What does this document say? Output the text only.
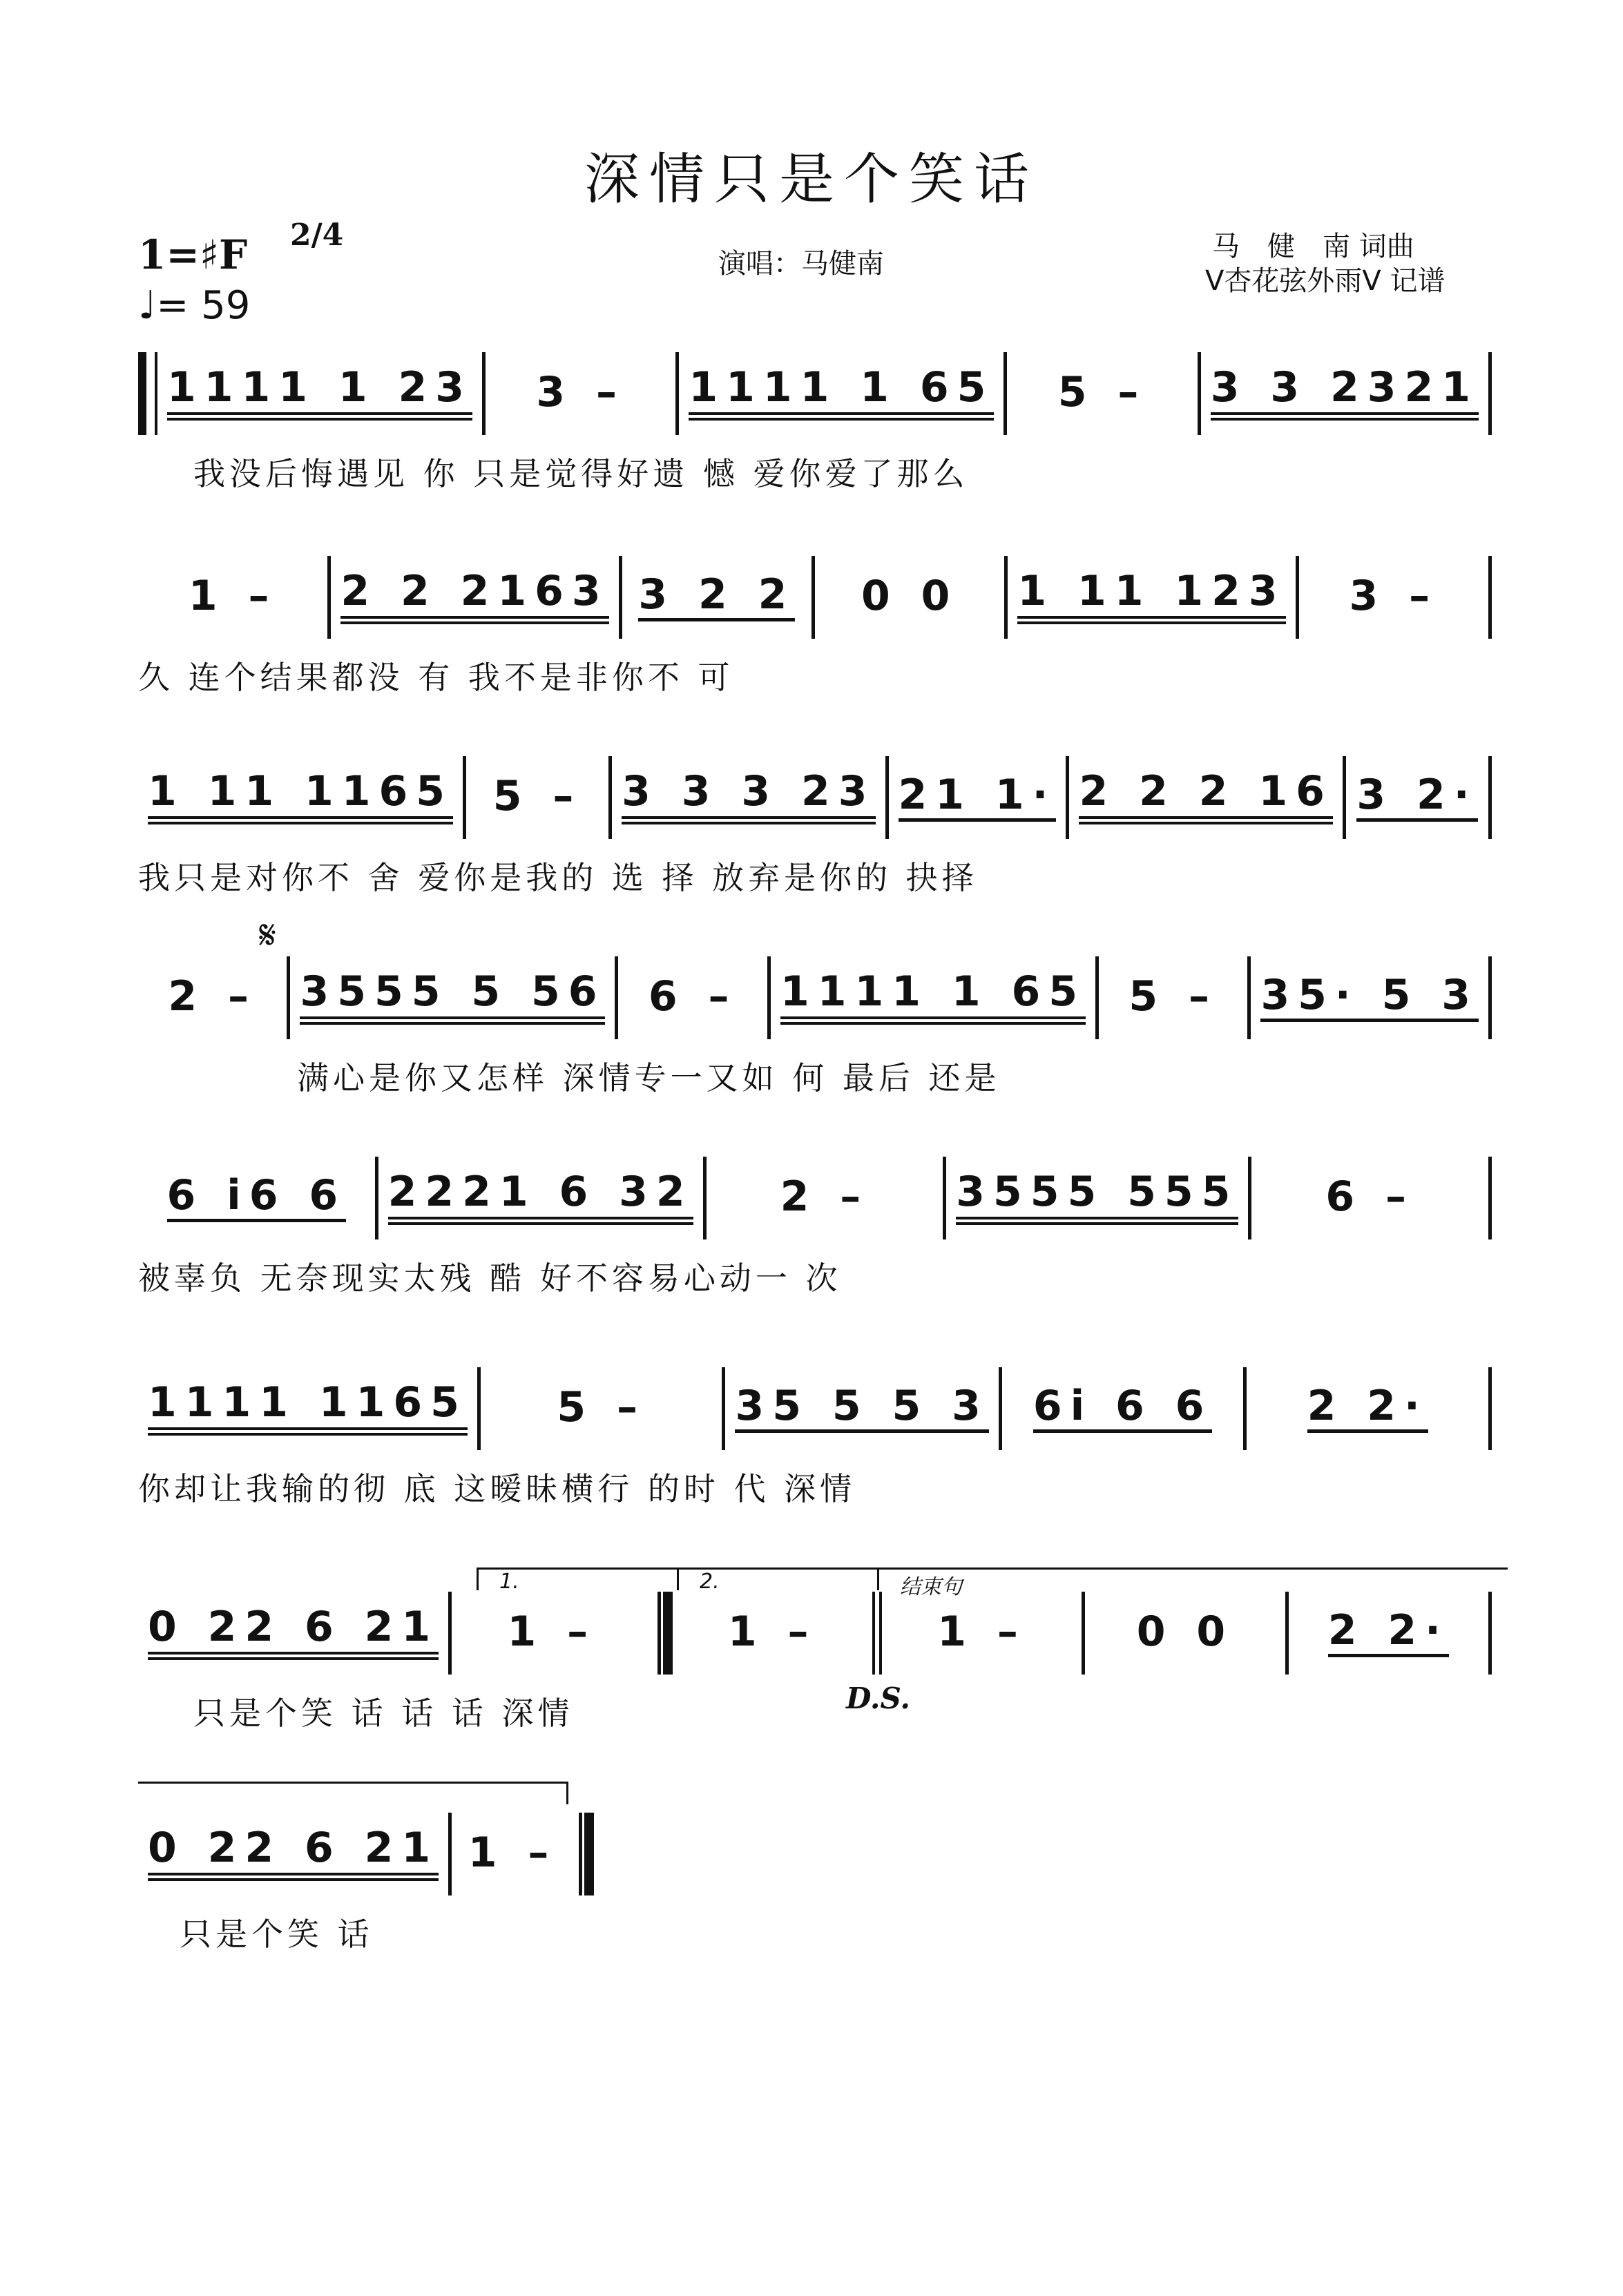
深情只是个笑话
1=♯F 2/4
♩= 59
演唱：马健南
马　健　南 词曲
V杏花弦外雨V 记谱
1111 1 23 3 – 1111 1 65 5 – 3 3 2321
我没后悔遇见 你 只是觉得好遗 憾 爱你爱了那么
1 – 2 2 2163 3 2 2 0 0 1 11 123 3 –
久 连个结果都没 有 我不是非你不 可
1 11 1165 5 – 3 3 3 23 21 1· 2 2 2 16 3 2·
我只是对你不 舍 爱你是我的 选 择 放弃是你的 抉择
𝄋
2 – 3555 5 56 6 – 1111 1 65 5 – 35· 5 3
满心是你又怎样 深情专一又如 何 最后 还是
6 i6 6 2221 6 32 2 – 3555 555 6 –
被辜负 无奈现实太残 酷 好不容易心动一 次
1111 1165 5 – 35 5 5 3 6i 6 6 2 2·
你却让我输的彻 底 这暧昧横行 的时 代 深情
1.	2.	结束句
0 22 6 21 1 –	1 –	1 –	0 0 2 2·
只是个笑 话 话 话 深情	D.S.
0 22 6 21 1 –
只是个笑 话
